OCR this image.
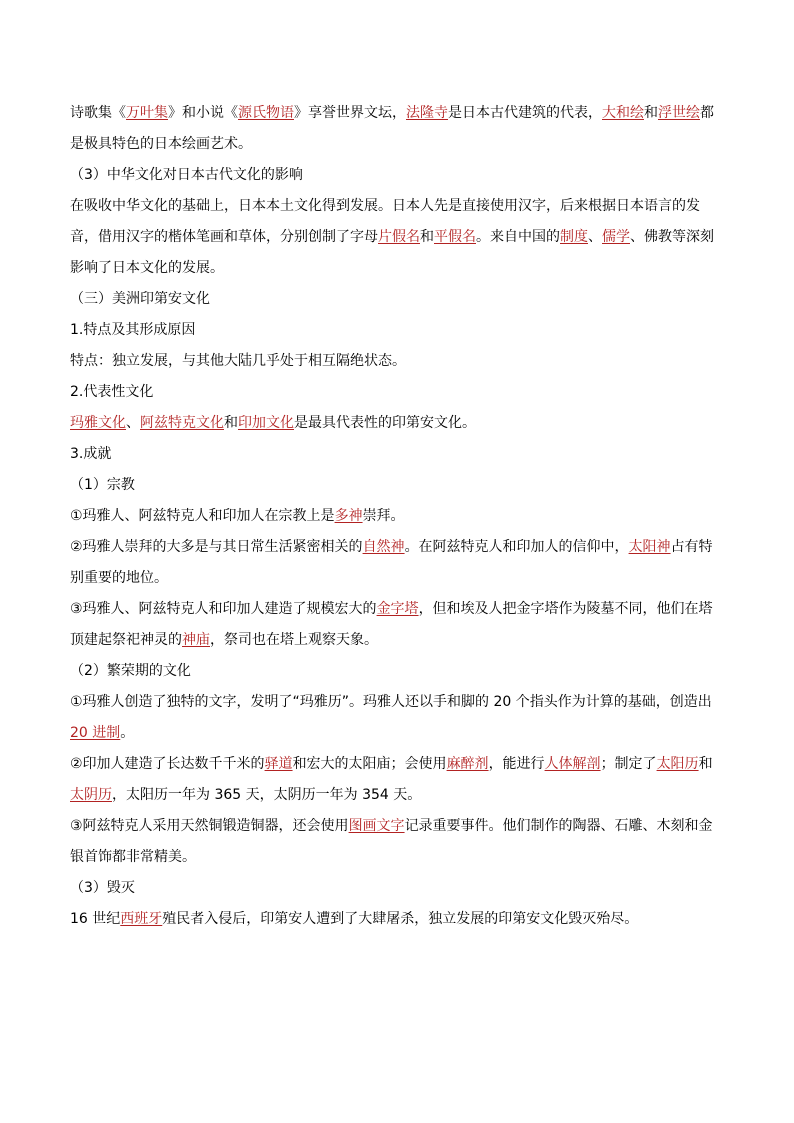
诗歌集《万叶集》和小说《源氏物语》享誉世界文坛，法隆寺是日本古代建筑的代表，大和绘和浮世绘都
是极具特色的日本绘画艺术。
（3）中华文化对日本古代文化的影响
在吸收中华文化的基础上，日本本土文化得到发展。日本人先是直接使用汉字，后来根据日本语言的发
音，借用汉字的楷体笔画和草体，分别创制了字母片假名和平假名。来自中国的制度、儒学、佛教等深刻
影响了日本文化的发展。
（三）美洲印第安文化
1.特点及其形成原因
特点：独立发展，与其他大陆几乎处于相互隔绝状态。
2.代表性文化
玛雅文化、阿兹特克文化和印加文化是最具代表性的印第安文化。
3.成就
（1）宗教
①玛雅人、阿兹特克人和印加人在宗教上是多神崇拜。
②玛雅人崇拜的大多是与其日常生活紧密相关的自然神。在阿兹特克人和印加人的信仰中，太阳神占有特
别重要的地位。
③玛雅人、阿兹特克人和印加人建造了规模宏大的金字塔，但和埃及人把金字塔作为陵墓不同，他们在塔
顶建起祭祀神灵的神庙，祭司也在塔上观察天象。
（2）繁荣期的文化
①玛雅人创造了独特的文字，发明了“玛雅历”。玛雅人还以手和脚的 20 个指头作为计算的基础，创造出
20 进制。
②印加人建造了长达数千千米的驿道和宏大的太阳庙；会使用麻醉剂，能进行人体解剖；制定了太阳历和
太阴历，太阳历一年为 365 天，太阴历一年为 354 天。
③阿兹特克人采用天然铜锻造铜器，还会使用图画文字记录重要事件。他们制作的陶器、石雕、木刻和金
银首饰都非常精美。
（3）毁灭
16 世纪西班牙殖民者入侵后，印第安人遭到了大肆屠杀，独立发展的印第安文化毁灭殆尽。
